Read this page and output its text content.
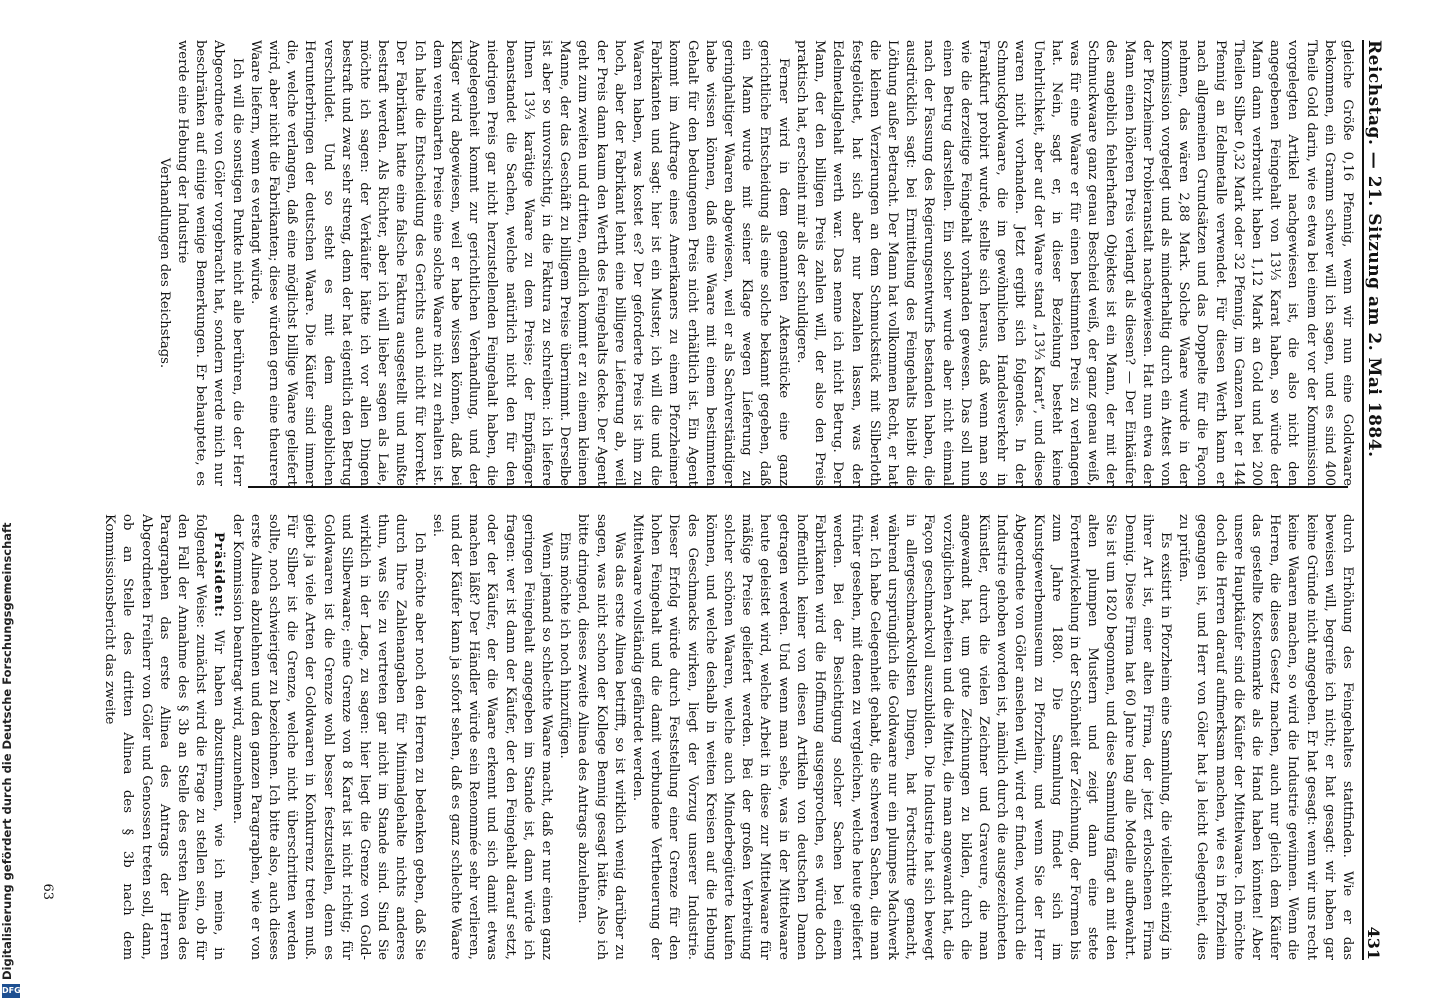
Reichstag. — 21. Sitzung am 2. Mai 1884.
431

gleiche Größe 0,16 Pfennig, wenn wir nun eine Goldwaare bekommen, ein Gramm schwer will ich sagen, und es sind 400 Theile Gold darin, wie es etwa bei einem der vor der Kommission vorgelegten Artikel nachgewiesen ist, die also nicht den angegebenen Feingehalt von 13⅓ Karat haben, so würde der Mann dann verbraucht haben 1,12 Mark an Gold und bei 200 Theilen Silber 0,32 Mark oder 32 Pfennig, im Ganzen hat er 144 Pfennig an Edelmetalle verwendet. Für diesen Werth kann er nach allgemeinen Grundsätzen und das Doppelte für die Façon nehmen, das wären 2,88 Mark. Solche Waare wurde in der Kommission vorgelegt und als minderhaltig durch ein Attest von der Pforzheimer Probieranstalt nachgewiesen. Hat nun etwa der Mann einen höheren Preis verlangt als diesen? — Der Einkäufer des angeblich fehlerhaften Objektes ist ein Mann, der mit der Schmuckwaare ganz genau Bescheid weiß, der ganz genau weiß, was für eine Waare er für einen bestimmten Preis zu verlangen hat. Nein, sagt er, in dieser Beziehung besteht keine Unehrlichkeit, aber auf der Waare stand „13⅓ Karat“, und diese waren nicht vorhanden. Jetzt ergibt sich folgendes. In der Schmuckgoldwaare, die im gewöhnlichen Handelsverkehr in Frankfurt probirt wurde, stellte sich heraus, daß wenn man so wie die derzeitige Feingehalt vorhanden gewesen. Das soll nun einen Betrug darstellen. Ein solcher wurde aber nicht einmal nach der Fassung des Regierungsentwurfs bestanden haben, die ausdrücklich sagt: bei Ermittelung des Feingehalts bleibt die Löthung außer Betracht. Der Mann hat vollkommen Recht, er hat die kleinen Verzierungen an dem Schmuckstück mit Silberloth festgelöthet, hat sich aber nur bezahlen lassen, was der Edelmetallgehalt werth war. Das nenne ich nicht Betrug. Der Mann, der den billigen Preis zahlen will, der also den Preis praktisch hat, erscheint mir als der schuldigere.

Ferner wird in dem genannten Aktenstücke eine ganz gerichtliche Entscheidung als eine solche bekannt gegeben, daß ein Mann wurde mit seiner Klage wegen Lieferung zu geringhaltiger Waaren abgewiesen, weil er als Sachverständiger habe wissen können, daß eine Waare mit einem bestimmten Gehalt für den bedungenen Preis nicht erhältlich ist. Ein Agent kommt im Auftrage eines Amerikaners zu einem Pforzheimer Fabrikanten und sagt: hier ist ein Muster, ich will die und die Waaren haben, was kostet es? Der geforderte Preis ist ihm zu hoch, aber der Fabrikant lehnt eine billigere Lieferung ab, weil der Preis dann kaum den Werth des Feingehalts decke. Der Agent geht zum zweiten und dritten, endlich kommt er zu einem kleinen Manne, der das Geschäft zu billigem Preise übernimmt. Derselbe ist aber so unvorsichtig, in die Faktura zu schreiben: ich liefere Ihnen 13⅓ karätige Waare zu dem Preise; der Empfänger beanstandet die Sachen, welche natürlich nicht den für den niedrigen Preis gar nicht herzustellenden Feingehalt haben, die Angelegenheit kommt zur gerichtlichen Verhandlung, und der Kläger wird abgewiesen, weil er habe wissen können, daß bei dem vereinbarten Preise eine solche Waare nicht zu erhalten ist. Ich halte die Entscheidung des Gerichts auch nicht für korrekt. Der Fabrikant hatte eine falsche Faktura ausgestellt und mußte bestraft werden. Als Richter, aber ich will lieber sagen als Laie, möchte ich sagen: der Verkäufer hätte ich vor allen Dingen bestraft und zwar sehr streng, denn der hat eigentlich den Betrug verschuldet. Und so steht es mit dem angeblichen Herunterbringen der deutschen Waare. Die Käufer sind immer die, welche verlangen, daß eine möglichst billige Waare geliefert wird, aber nicht die Fabrikanten; diese würden gern eine theurere Waare liefern, wenn es verlangt würde.

Ich will die sonstigen Punkte nicht alle berühren, die der Herr Abgeordnete von Göler vorgebracht hat, sondern werde mich nur beschränken auf einige wenige Bemerkungen. Er behauptete, es werde eine Hebung der Industrie

Verhandlungen des Reichstags.

durch Erhöhung des Feingehaltes stattfinden. Wie er das beweisen will, begreife ich nicht; er hat gesagt: wir haben gar keine Gründe nicht angegeben. Er hat gesagt: wenn wir uns recht keine Waaren machen, so wird die Industrie gewinnen. Wenn die Herren, die dieses Gesetz machen, auch nur gleich dem Käufer das gestellte Kostenmarke als die Hand haben könnten! Aber unsere Hauptkäufer sind die Käufer der Mittelwaare. Ich möchte doch die Herren darauf aufmerksam machen, wie es in Pforzheim gegangen ist, und Herr von Göler hat ja leicht Gelegenheit, dies zu prüfen.

Es existirt in Pforzheim eine Sammlung, die vielleicht einzig in ihrer Art ist, einer alten Firma, der jetzt erloschenen Firma Dennig. Diese Firma hat 60 Jahre lang alle Modelle aufbewahrt. Sie ist um 1820 begonnen, und diese Sammlung fängt an mit den alten plumpen Mustern und zeigt dann eine stete Fortentwickelung in der Schönheit der Zeichnung, der Formen bis zum Jahre 1880. Die Sammlung findet sich im Kunstgewerbemuseum zu Pforzheim, und wenn Sie der Herr Abgeordnete von Göler ansehen will, wird er finden, wodurch die Industrie gehoben worden ist, nämlich durch die ausgezeichneten Künstler, durch die vielen Zeichner und Graveure, die man angewandt hat, um gute Zeichnungen zu bilden, durch die vorzüglichen Arbeiten und die Mittel, die man angewandt hat, die Façon geschmackvoll auszubilden. Die Industrie hat sich bewegt in allergeschmackvollsten Dingen, hat Fortschritte gemacht, während ursprünglich die Goldwaare nur ein plumpes Machwerk war. Ich habe Gelegenheit gehabt, die schweren Sachen, die man früher gesehen, mit denen zu vergleichen, welche heute geliefert werden. Bei der Besichtigung solcher Sachen bei einem Fabrikanten wird die Hoffnung ausgesprochen, es würde doch hoffentlich keiner von diesen Artikeln von deutschen Damen getragen werden. Und wenn man sehe, was in der Mittelwaare heute geleistet wird, welche Arbeit in diese zur Mittelwaare für mäßige Preise geliefert werden. Bei der großen Verbreitung solcher schönen Waaren, welche auch Minderbegüterte kaufen können, und welche deshalb in weiten Kreisen auf die Hebung des Geschmacks wirken, liegt der Vorzug unserer Industrie. Dieser Erfolg würde durch Feststellung einer Grenze für den hohen Feingehalt und die damit verbundene Vertheuerung der Mittelwaare vollständig gefährdet werden.

Was das erste Alinea betrifft, so ist wirklich wenig darüber zu sagen, was nicht schon der Kollege Bennig gesagt hätte. Also ich bitte dringend, dieses zweite Alinea des Antrags abzulehnen.

Eins möchte ich noch hinzufügen.

Wenn jemand so schlechte Waare macht, daß er nur einen ganz geringen Feingehalt angegeben im Stande ist, dann würde ich fragen: wer ist dann der Käufer, der den Feingehalt darauf setzt, oder der Käufer, der die Waare erkennt und sich damit etwas machen läßt? Der Händler würde sein Renommée sehr verlieren, und der Käufer kann ja sofort sehen, daß es ganz schlechte Waare sei.

Ich möchte aber noch den Herren zu bedenken geben, daß Sie durch Ihre Zahlenangaben für Minimalgehalte nichts anderes thun, was Sie zu vertreten gar nicht im Stande sind. Sind Sie wirklich in der Lage, zu sagen: hier liegt die Grenze von Gold- und Silberwaare; eine Grenze von 8 Karat ist nicht richtig; für Goldwaaren ist die Grenze wohl besser festzustellen, denn es giebt ja viele Arten der Goldwaaren in Konkurrenz treten muß. Für Silber ist die Grenze, welche nicht überschritten werden sollte, noch schwieriger zu bezeichnen. Ich bitte also, auch dieses erste Alinea abzulehnen und den ganzen Paragraphen, wie er von der Kommission beantragt wird, anzunehmen.

Präsident: Wir haben abzustimmen, wie ich meine, in folgender Weise: zunächst wird die Frage zu stellen sein, ob für den Fall der Annahme des § 3b an Stelle des ersten Alinea des Paragraphen das erste Alinea des Antrags der Herren Abgeordneten Freiherr von Göler und Genossen treten soll, dann, ob an Stelle des dritten Alinea des § 3b nach dem Kommissionsbericht das zweite

63
Digitalisierung gefördert durch die Deutsche Forschungsgemeinschaft
DFG
